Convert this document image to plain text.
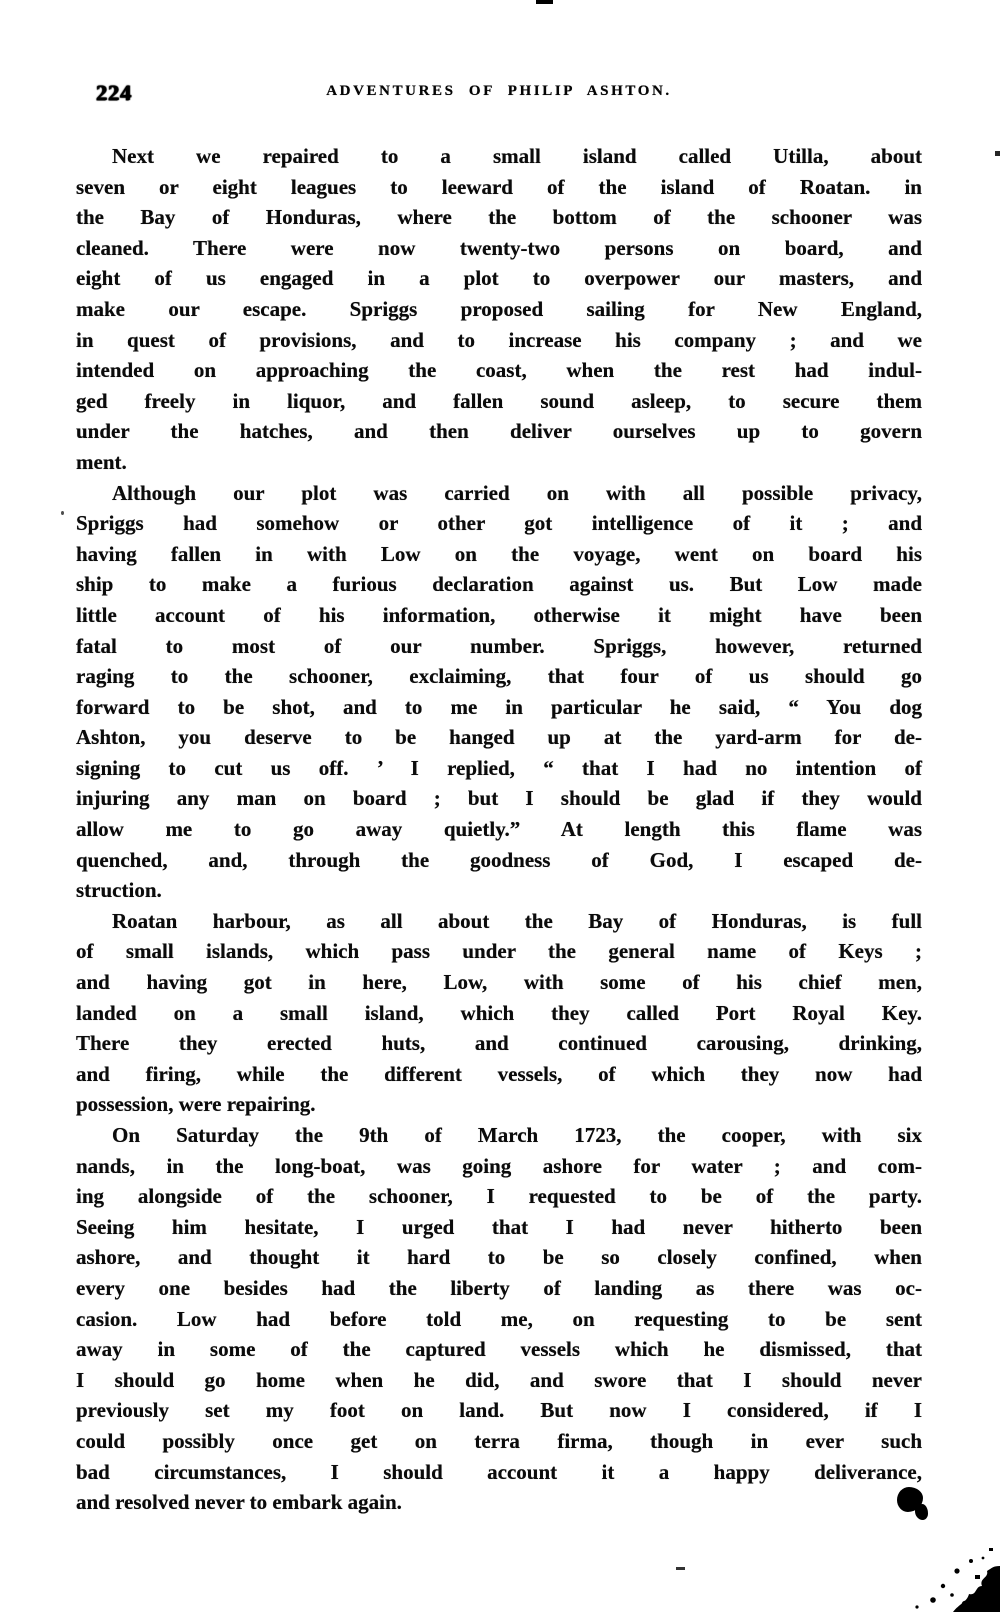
224	ADVENTURES OF PHILIP ASHTON.
Next we repaired to a small island called Utilla, about
seven or eight leagues to leeward of the island of Roatan. in
the Bay of Honduras, where the bottom of the schooner was
cleaned. There were now twenty-two persons on board, and
eight of us engaged in a plot to overpower our masters, and
make our escape. Spriggs proposed sailing for New England,
in quest of provisions, and to increase his company ; and we
intended on approaching the coast, when the rest had indul-
ged freely in liquor, and fallen sound asleep, to secure them
under the hatches, and then deliver ourselves up to govern
ment.
Although our plot was carried on with all possible privacy,
Spriggs had somehow or other got intelligence of it ; and
having fallen in with Low on the voyage, went on board his
ship to make a furious declaration against us. But Low made
little account of his information, otherwise it might have been
fatal to most of our number. Spriggs, however, returned
raging to the schooner, exclaiming, that four of us should go
forward to be shot, and to me in particular he said, “ You dog
Ashton, you deserve to be hanged up at the yard-arm for de-
signing to cut us off. ’ I replied, “ that I had no intention of
injuring any man on board ; but I should be glad if they would
allow me to go away quietly.” At length this flame was
quenched, and, through the goodness of God, I escaped de-
struction.
Roatan harbour, as all about the Bay of Honduras, is full
of small islands, which pass under the general name of Keys ;
and having got in here, Low, with some of his chief men,
landed on a small island, which they called Port Royal Key.
There they erected huts, and continued carousing, drinking,
and firing, while the different vessels, of which they now had
possession, were repairing.
On Saturday the 9th of March 1723, the cooper, with six
nands, in the long-boat, was going ashore for water ; and com-
ing alongside of the schooner, I requested to be of the party.
Seeing him hesitate, I urged that I had never hitherto been
ashore, and thought it hard to be so closely confined, when
every one besides had the liberty of landing as there was oc-
casion. Low had before told me, on requesting to be sent
away in some of the captured vessels which he dismissed, that
I should go home when he did, and swore that I should never
previously set my foot on land. But now I considered, if I
could possibly once get on terra firma, though in ever such
bad circumstances, I should account it a happy deliverance,
and resolved never to embark again.
